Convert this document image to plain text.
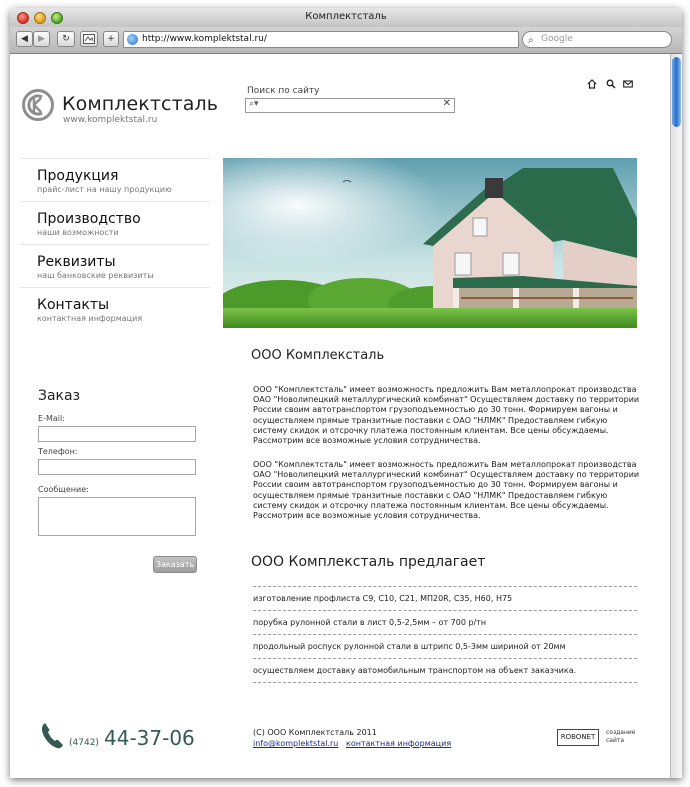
Комплектсталь
◀	▶	↻	+	http://www.komplektstal.ru/	⌕ Google
Комплектсталь
www.komplektstal.ru
Поиск по сайту
⌕▾	✕
Продукция
прайс-лист на нашу продукцию
Производство
наши возможности
Реквизиты
наш банковские реквизиты
Контакты
контактная информация
ООО Комплексталь
ООО "Комплектсталь" имеет возможность предложить Вам металлопрокат производства ОАО "Новолипецкий металлургический комбинат" Осуществляем доставку по территории России своим автотранспортом грузоподъемностью до 30 тонн. Формируем вагоны и осуществляем прямые транзитные поставки с ОАО "НЛМК" Предоставляем гибкую систему скидок и отсрочку платежа постоянным клиентам. Все цены обсуждаемы. Рассмотрим все возможные условия сотрудничества.
ООО "Комплектсталь" имеет возможность предложить Вам металлопрокат производства ОАО "Новолипецкий металлургический комбинат" Осуществляем доставку по территории России своим автотранспортом грузоподъемностью до 30 тонн. Формируем вагоны и осуществляем прямые транзитные поставки с ОАО "НЛМК" Предоставляем гибкую систему скидок и отсрочку платежа постоянным клиентам. Все цены обсуждаемы. Рассмотрим все возможные условия сотрудничества.
ООО Комплексталь предлагает
изготовление профлиста С9, С10, С21, МП20R, С35, Н60, Н75
порубка рулонной стали в лист 0,5-2,5мм – от 700 р/тн
продольный роспуск рулонной стали в штрипс 0,5-3мм шириной от 20мм
осуществляем доставку автомобильным транспортом на объект заказчика.
Заказ
E-Mail:
Телефон:
Сообщение:
Заказать
(4742) 44-37-06	(С) ООО Комплектсталь 2011
info@komplektstal.ru контактная информация
ROBONET
создание
сайта
